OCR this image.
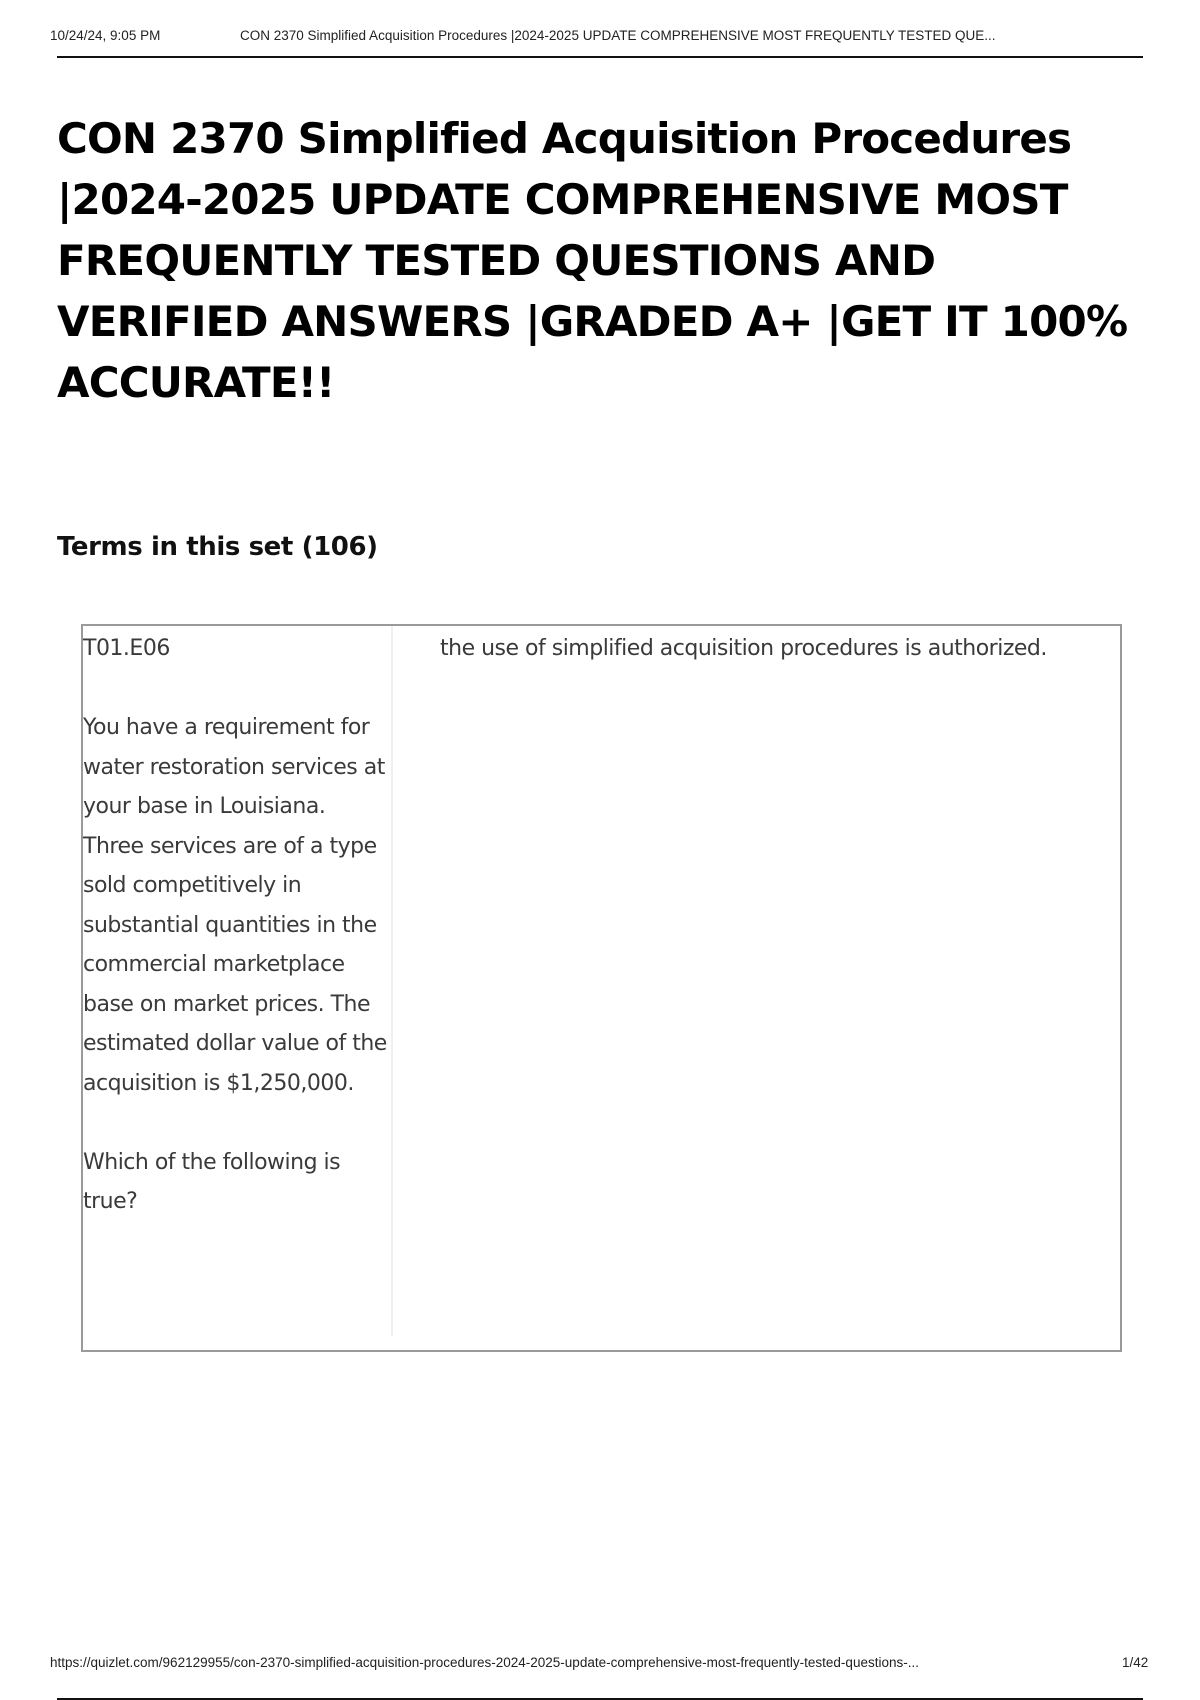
10/24/24, 9:05 PM	CON 2370 Simplified Acquisition Procedures |2024-2025 UPDATE COMPREHENSIVE MOST FREQUENTLY TESTED QUE...
CON 2370 Simplified Acquisition Procedures |2024-2025 UPDATE COMPREHENSIVE MOST FREQUENTLY TESTED QUESTIONS AND VERIFIED ANSWERS |GRADED A+ |GET IT 100% ACCURATE!!
Terms in this set (106)

T01.E06

You have a requirement for water restoration services at your base in Louisiana. Three services are of a type sold competitively in substantial quantities in the commercial marketplace base on market prices. The estimated dollar value of the acquisition is $1,250,000.

Which of the following is true?

the use of simplified acquisition procedures is authorized.

https://quizlet.com/962129955/con-2370-simplified-acquisition-procedures-2024-2025-update-comprehensive-most-frequently-tested-questions-...	1/42
